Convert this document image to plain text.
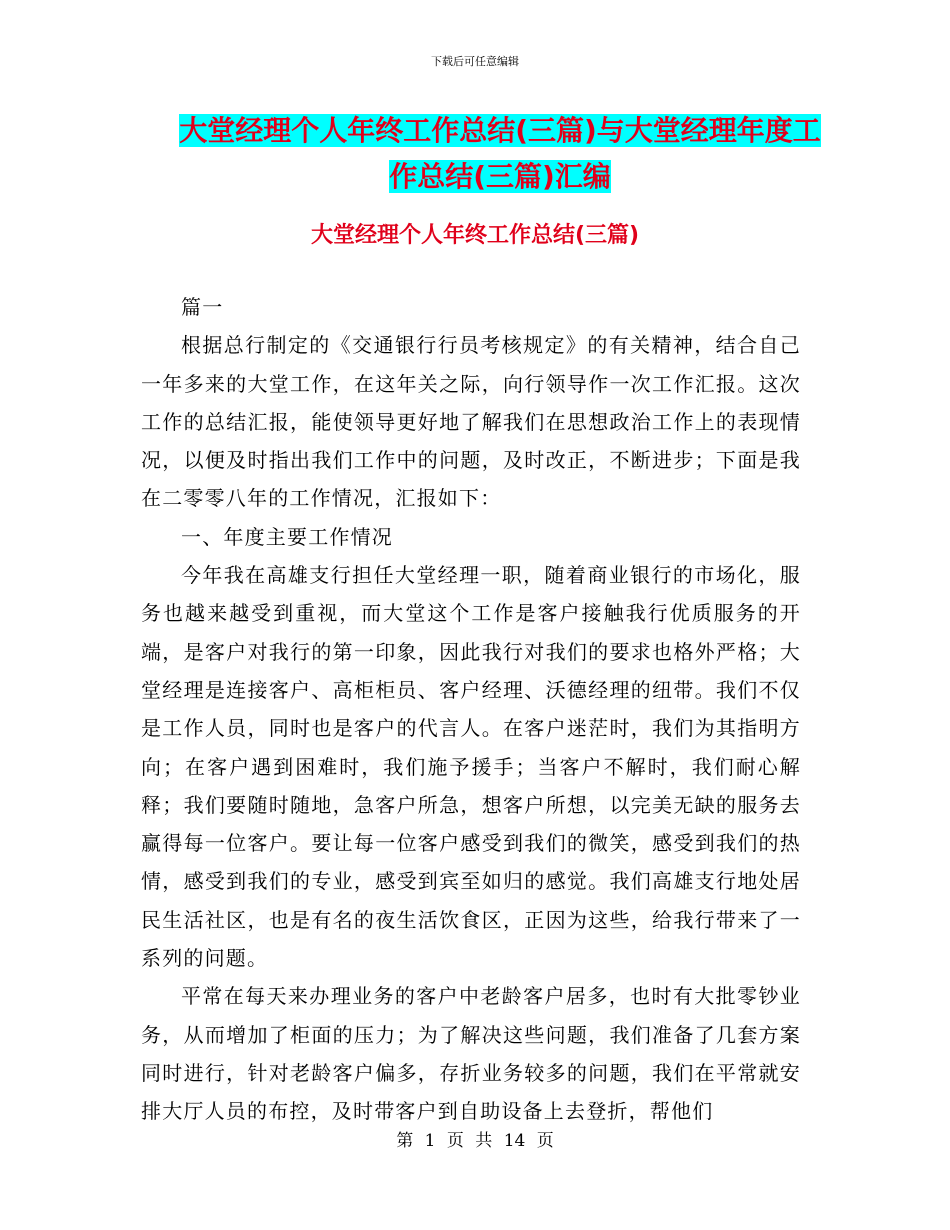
下载后可任意编辑
大堂经理个人年终工作总结(三篇)与大堂经理年度工
作总结(三篇)汇编
大堂经理个人年终工作总结(三篇)

篇一

根据总行制定的《交通银行行员考核规定》的有关精神，结合自己一年多来的大堂工作，在这年关之际，向行领导作一次工作汇报。这次工作的总结汇报，能使领导更好地了解我们在思想政治工作上的表现情况，以便及时指出我们工作中的问题，及时改正，不断进步；下面是我在二零零八年的工作情况，汇报如下：

一、年度主要工作情况

今年我在高雄支行担任大堂经理一职，随着商业银行的市场化，服务也越来越受到重视，而大堂这个工作是客户接触我行优质服务的开端，是客户对我行的第一印象，因此我行对我们的要求也格外严格；大堂经理是连接客户、高柜柜员、客户经理、沃德经理的纽带。我们不仅是工作人员，同时也是客户的代言人。在客户迷茫时，我们为其指明方向；在客户遇到困难时，我们施予援手；当客户不解时，我们耐心解释；我们要随时随地，急客户所急，想客户所想，以完美无缺的服务去赢得每一位客户。要让每一位客户感受到我们的微笑，感受到我们的热情，感受到我们的专业，感受到宾至如归的感觉。我们高雄支行地处居民生活社区，也是有名的夜生活饮食区，正因为这些，给我行带来了一系列的问题。

平常在每天来办理业务的客户中老龄客户居多，也时有大批零钞业务，从而增加了柜面的压力；为了解决这些问题，我们准备了几套方案同时进行，针对老龄客户偏多，存折业务较多的问题，我们在平常就安排大厅人员的布控，及时带客户到自助设备上去登折，帮他们

第 1 页 共 14 页
